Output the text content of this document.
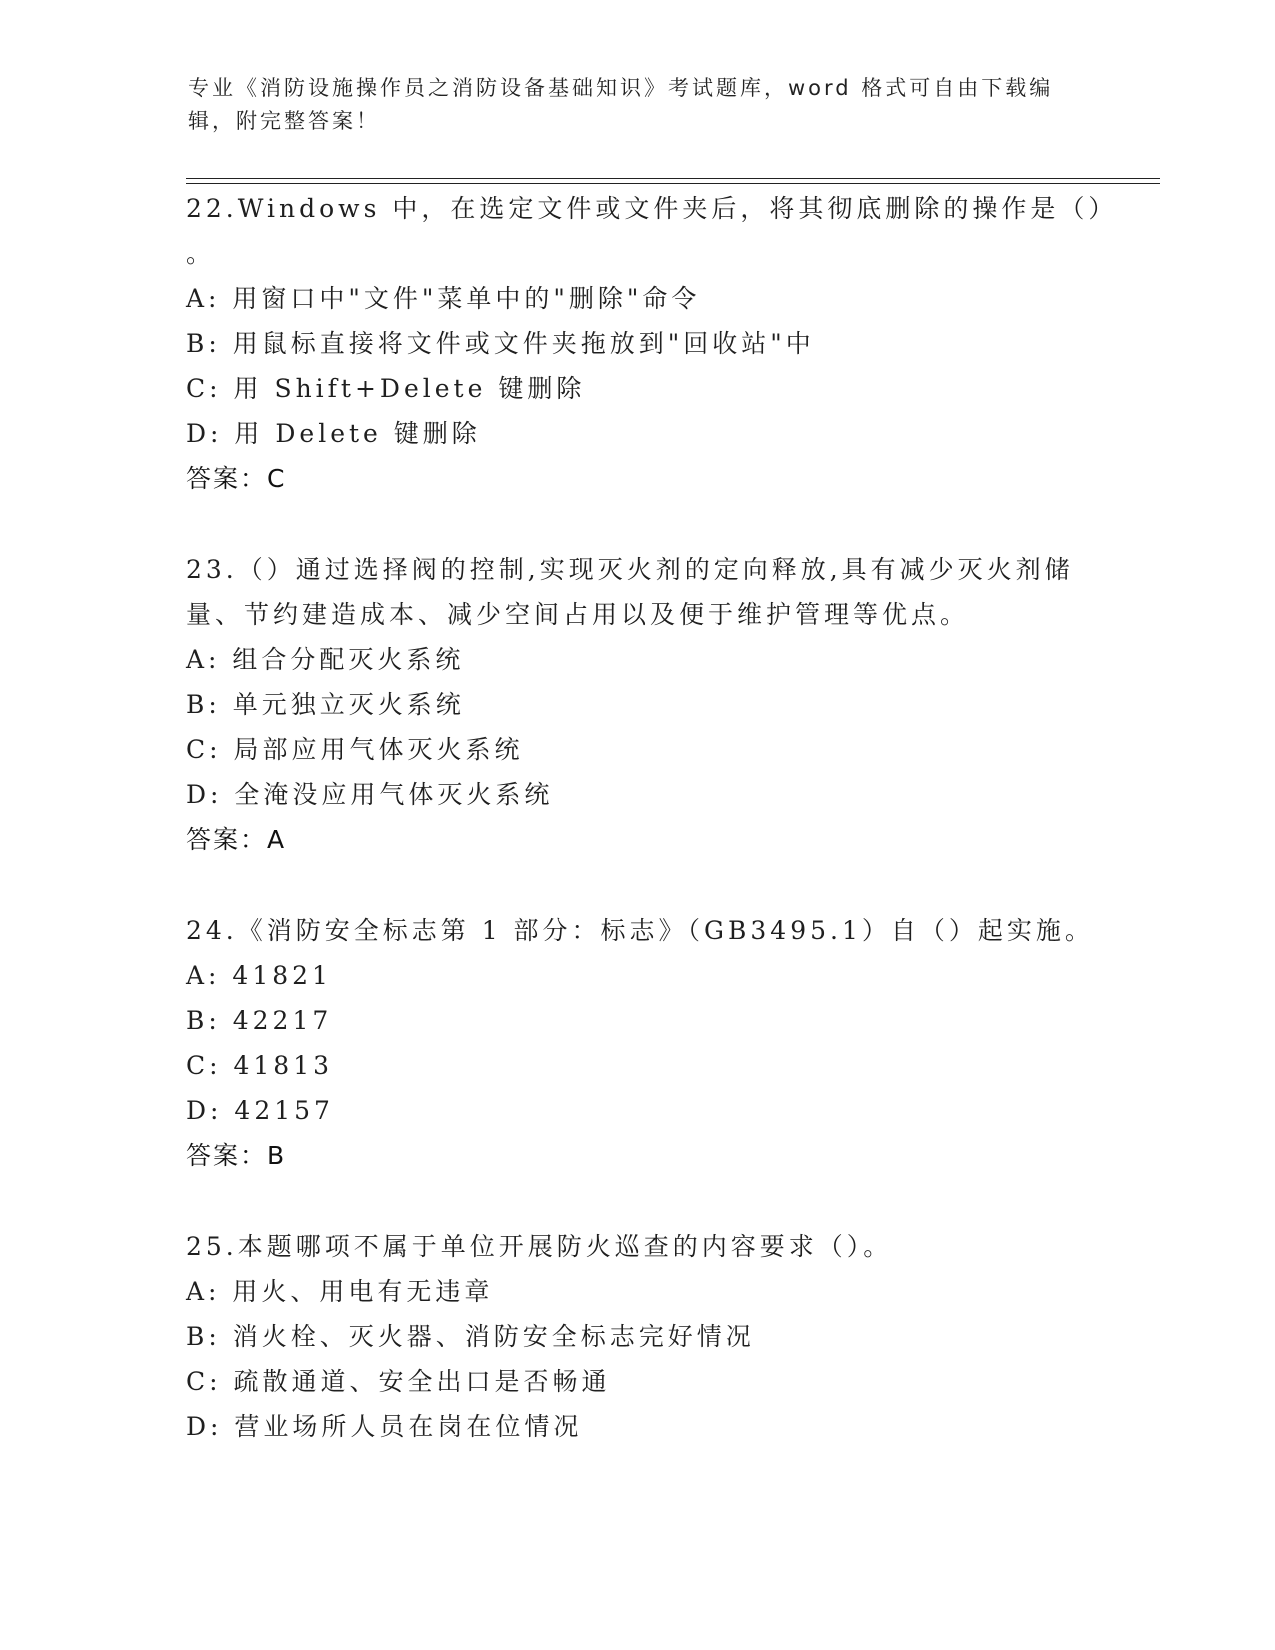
专业《消防设施操作员之消防设备基础知识》考试题库，word 格式可自由下载编
辑，附完整答案！
22.Windows 中，在选定文件或文件夹后，将其彻底删除的操作是（）
。
A: 用窗口中"文件"菜单中的"删除"命令
B: 用鼠标直接将文件或文件夹拖放到"回收站"中
C: 用 Shift+Delete 键删除
D: 用 Delete 键删除
答案：C
23.（）通过选择阀的控制,实现灭火剂的定向释放,具有减少灭火剂储
量、节约建造成本、减少空间占用以及便于维护管理等优点。
A: 组合分配灭火系统
B: 单元独立灭火系统
C: 局部应用气体灭火系统
D: 全淹没应用气体灭火系统
答案：A
24.《消防安全标志第 1 部分：标志》（GB3495.1）自（）起实施。
A: 41821
B: 42217
C: 41813
D: 42157
答案：B
25.本题哪项不属于单位开展防火巡查的内容要求（）。
A: 用火、用电有无违章
B: 消火栓、灭火器、消防安全标志完好情况
C: 疏散通道、安全出口是否畅通
D: 营业场所人员在岗在位情况
